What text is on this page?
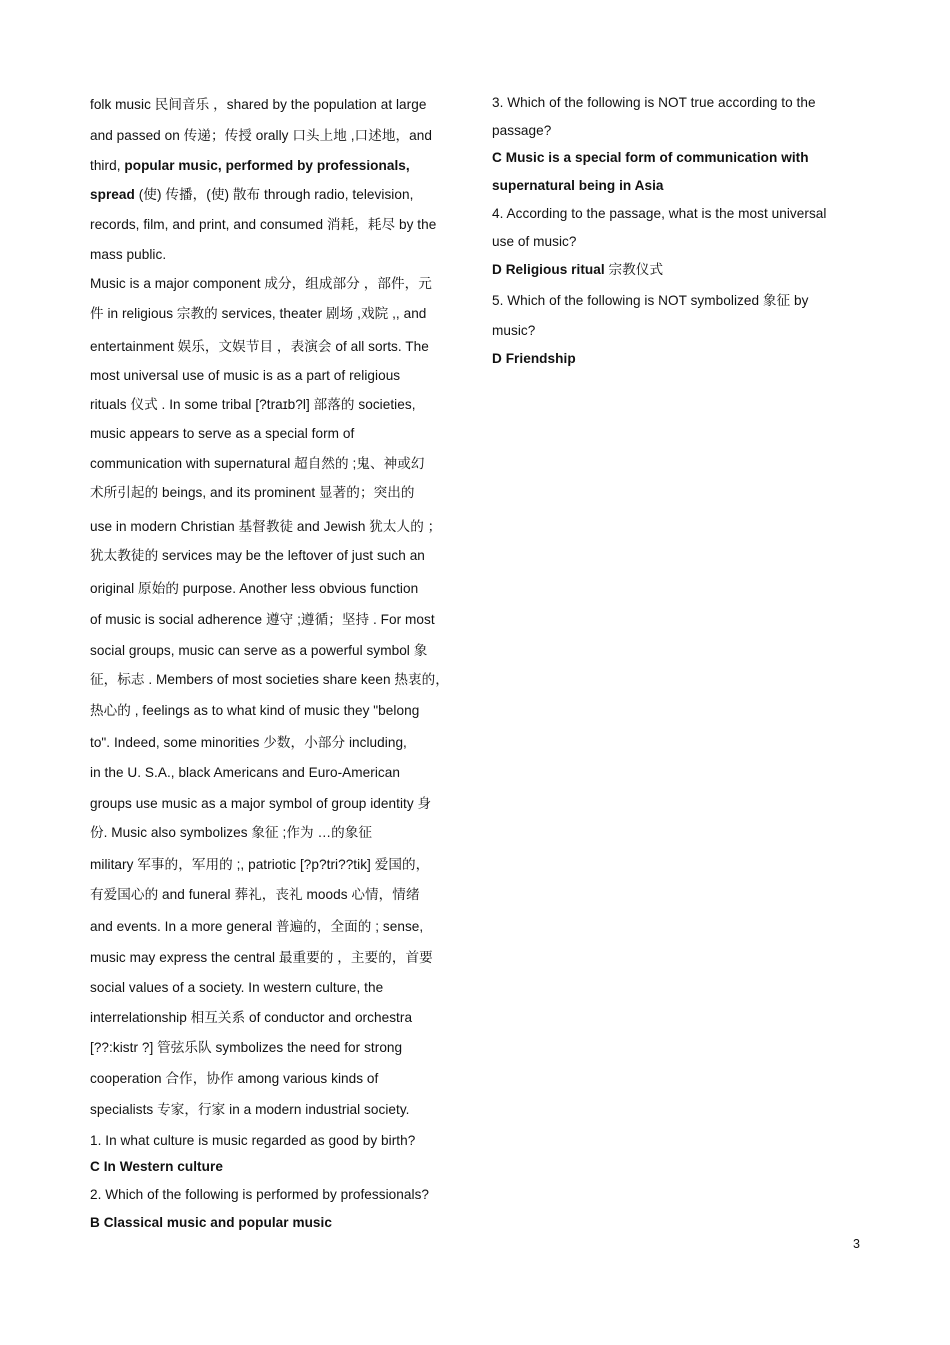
folk music 民间音乐 ，shared by the population at large
and passed on 传递；传授 orally 口头上地 ,口述地，and
third, popular music, performed by professionals,
spread (使) 传播，(使) 散布 through radio, television,
records, film, and print, and consumed 消耗，耗尽 by the
mass public.
Music is a major component 成分，组成部分 ，部件，元
件 in religious 宗教的 services, theater 剧场 ,戏院 ,, and
entertainment 娱乐，文娱节目 ，表演会 of all sorts. The
most universal use of music is as a part of religious
rituals 仪式 . In some tribal [?traɪb?l] 部落的 societies,
music appears to serve as a special form of
communication with supernatural 超自然的 ;鬼、神或幻
术所引起的 beings, and its prominent 显著的；突出的
use in modern Christian 基督教徒 and Jewish 犹太人的 ；
犹太教徒的 services may be the leftover of just such an
original 原始的 purpose. Another less obvious function
of music is social adherence 遵守 ;遵循；坚持 . For most
social groups, music can serve as a powerful symbol 象
征，标志 . Members of most societies share keen 热衷的，
热心的 , feelings as to what kind of music they "belong
to". Indeed, some minorities 少数，小部分 including,
in the U. S.A., black Americans and Euro-American
groups use music as a major symbol of group identity 身
份. Music also symbolizes 象征 ;作为 …的象征
military 军事的，军用的 ;, patriotic [?p?tri??tik] 爱国的，
有爱国心的 and funeral 葬礼，丧礼 moods 心情，情绪
and events. In a more general 普遍的，全面的 ; sense,
music may express the central 最重要的 ，主要的，首要
social values of a society. In western culture, the
interrelationship 相互关系 of conductor and orchestra
[??:kistr ?] 管弦乐队 symbolizes the need for strong
cooperation 合作，协作 among various kinds of
specialists 专家，行家 in a modern industrial society.
1. In what culture is music regarded as good by birth?
C In Western culture
2. Which of the following is performed by professionals?
B Classical music and popular music
3. Which of the following is NOT true according to the
passage?
C Music is a special form of communication with
supernatural being in Asia
4. According to the passage, what is the most universal
use of music?
D Religious ritual 宗教仪式
5. Which of the following is NOT symbolized 象征 by
music?
D Friendship
3
